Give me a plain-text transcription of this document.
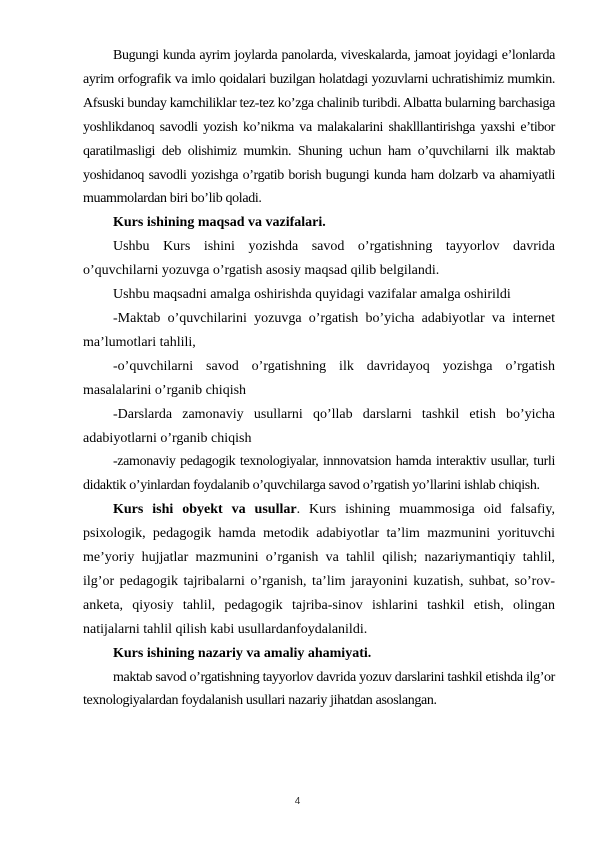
Bugungi kunda ayrim joylarda panolarda, viveskalarda, jamoat joyidagi e’lonlarda ayrim orfografik va imlo qoidalari buzilgan holatdagi yozuvlarni uchratishimiz mumkin. Afsuski bunday kamchiliklar tez-tez ko’zga chalinib turibdi. Albatta bularning barchasiga yoshlikdanoq savodli yozish ko’nikma va malakalarini shaklllantirishga yaxshi e’tibor qaratilmasligi deb olishimiz mumkin. Shuning uchun ham o’quvchilarni ilk maktab yoshidanoq savodli yozishga o’rgatib borish bugungi kunda ham dolzarb va ahamiyatli muammolardan biri bo’lib qoladi.

Kurs ishining maqsad va vazifalari.

Ushbu Kurs ishini yozishda savod o’rgatishning tayyorlov davrida o’quvchilarni yozuvga o’rgatish asosiy maqsad qilib belgilandi.

Ushbu maqsadni amalga oshirishda quyidagi vazifalar amalga oshirildi

-Maktab o’quvchilarini yozuvga o’rgatish bo’yicha adabiyotlar va internet ma’lumotlari tahlili,

-o’quvchilarni savod o’rgatishning ilk davridayoq yozishga o’rgatish masalalarini o’rganib chiqish

-Darslarda zamonaviy usullarni qo’llab darslarni tashkil etish bo’yicha adabiyotlarni o’rganib chiqish

-zamonaviy pedagogik texnologiyalar, innnovatsion hamda interaktiv usullar, turli didaktik o’yinlardan foydalanib o’quvchilarga savod o’rgatish yo’llarini ishlab chiqish.

Kurs ishi obyekt va usullar. Kurs ishining muammosiga oid falsafiy, psixologik, pedagogik hamda metodik adabiyotlar ta’lim mazmunini yorituvchi me’yoriy hujjatlar mazmunini o’rganish va tahlil qilish; nazariymantiqiy tahlil, ilg’or pedagogik tajribalarni o’rganish, ta’lim jarayonini kuzatish, suhbat, so’rov-anketa, qiyosiy tahlil, pedagogik tajriba-sinov ishlarini tashkil etish, olingan natijalarni tahlil qilish kabi usullardanfoydalanildi.

Kurs ishining nazariy va amaliy ahamiyati.

maktab savod o’rgatishning tayyorlov davrida yozuv darslarini tashkil etishda ilg’or texnologiyalardan foydalanish usullari nazariy jihatdan asoslangan.

4
